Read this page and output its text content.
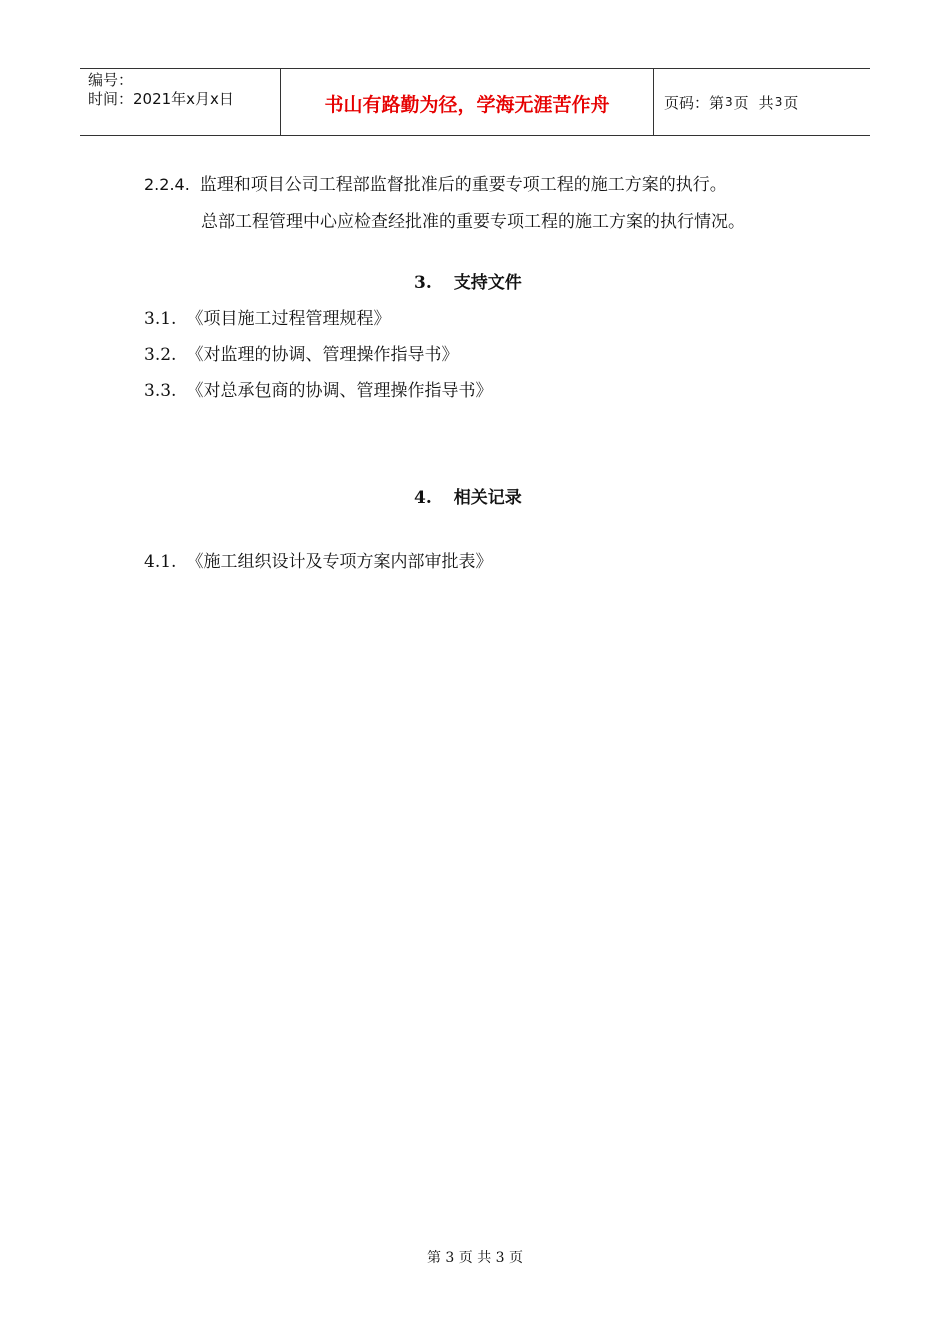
编号：
时间：2021年x月x日	书山有路勤为径，学海无涯苦作舟	页码：第 3 页 共 3 页
2.2.4. 监理和项目公司工程部监督批准后的重要专项工程的施工方案的执行。
总部工程管理中心应检查经批准的重要专项工程的施工方案的执行情况。
3. 支持文件
3.1. 《项目施工过程管理规程》
3.2. 《对监理的协调、管理操作指导书》
3.3. 《对总承包商的协调、管理操作指导书》
4. 相关记录
4.1. 《施工组织设计及专项方案内部审批表》
第 3 页 共 3 页
